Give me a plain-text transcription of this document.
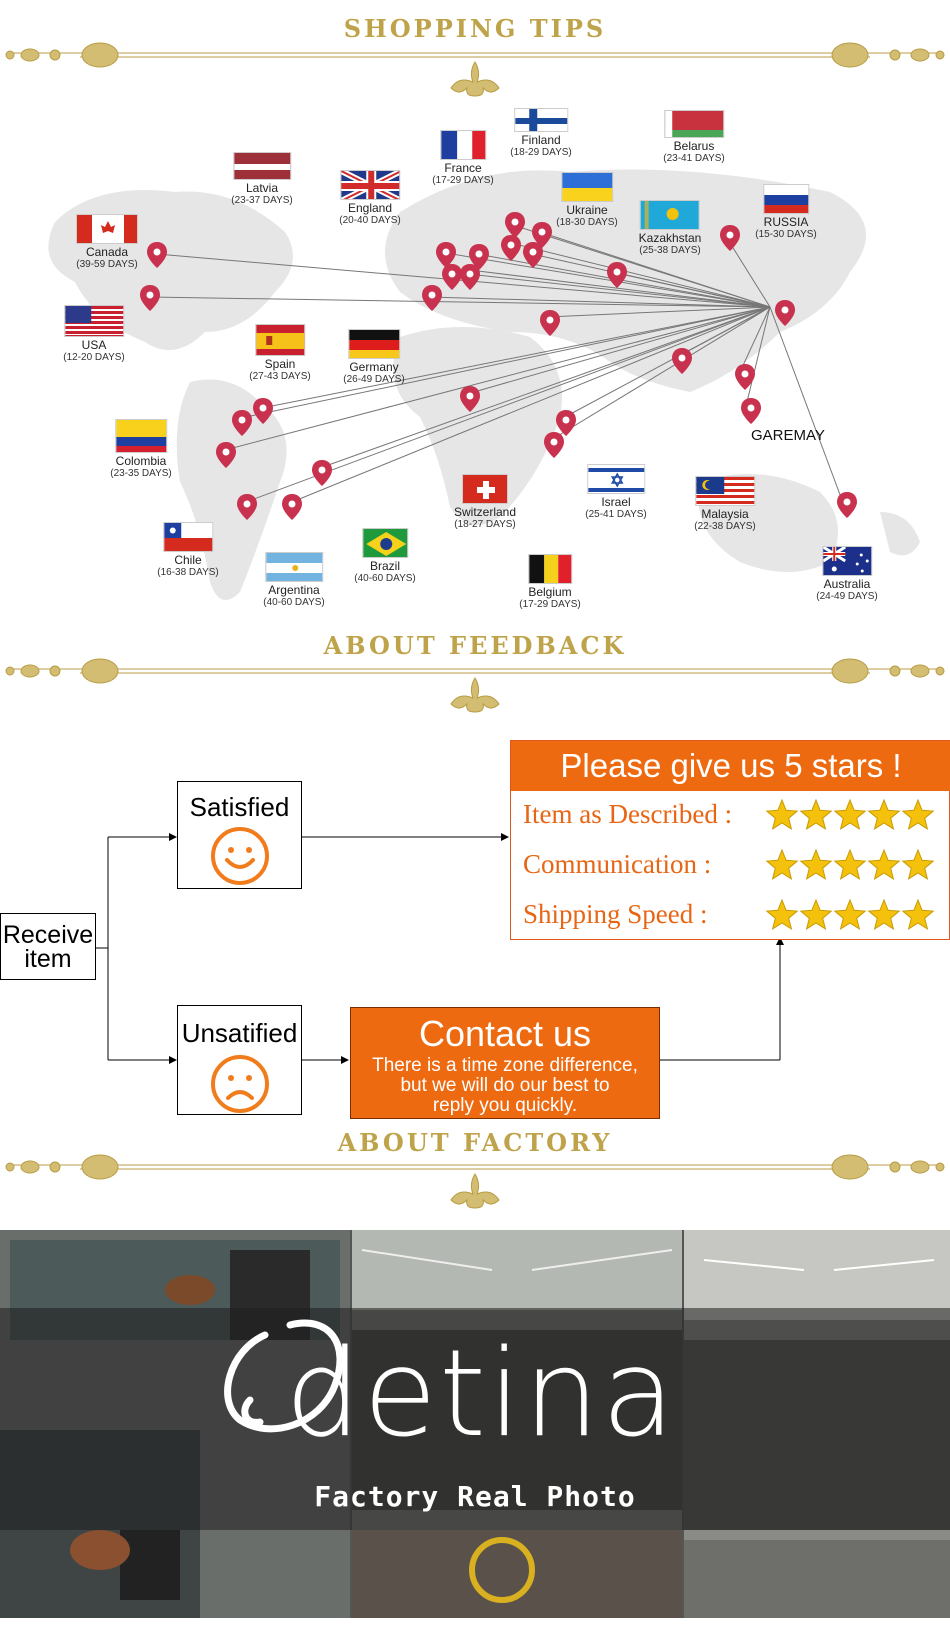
SHOPPING TIPS
GAREMAY
Finland
(18-29 DAYS)	Belarus
(23-41 DAYS)
France
(17-29 DAYS)
Latvia
(23-37 DAYS)
England
(20-40 DAYS)
Ukraine
(18-30 DAYS)
Kazakhstan
(25-38 DAYS)
RUSSIA
(15-30 DAYS)
Canada
(39-59 DAYS)
USA
(12-20 DAYS)	Spain
(27-43 DAYS)
Germany
(26-49 DAYS)
Colombia
(23-35 DAYS)
Switzerland
(18-27 DAYS)
Israel
(25-41 DAYS)	Malaysia
(22-38 DAYS)
Chile
(16-38 DAYS)	Brazil
(40-60 DAYS)
Argentina
(40-60 DAYS)
Belgium
(17-29 DAYS)
Australia
(24-49 DAYS)
ABOUT FEEDBACK
Receive
item
Satisfied
Unsatified
Please give us 5 stars !
Item as Described :
Communication :
Shipping Speed :
Contact us
There is a time zone difference,
but we will do our best to
reply you quickly.
ABOUT FACTORY
detina
Factory Real Photo
